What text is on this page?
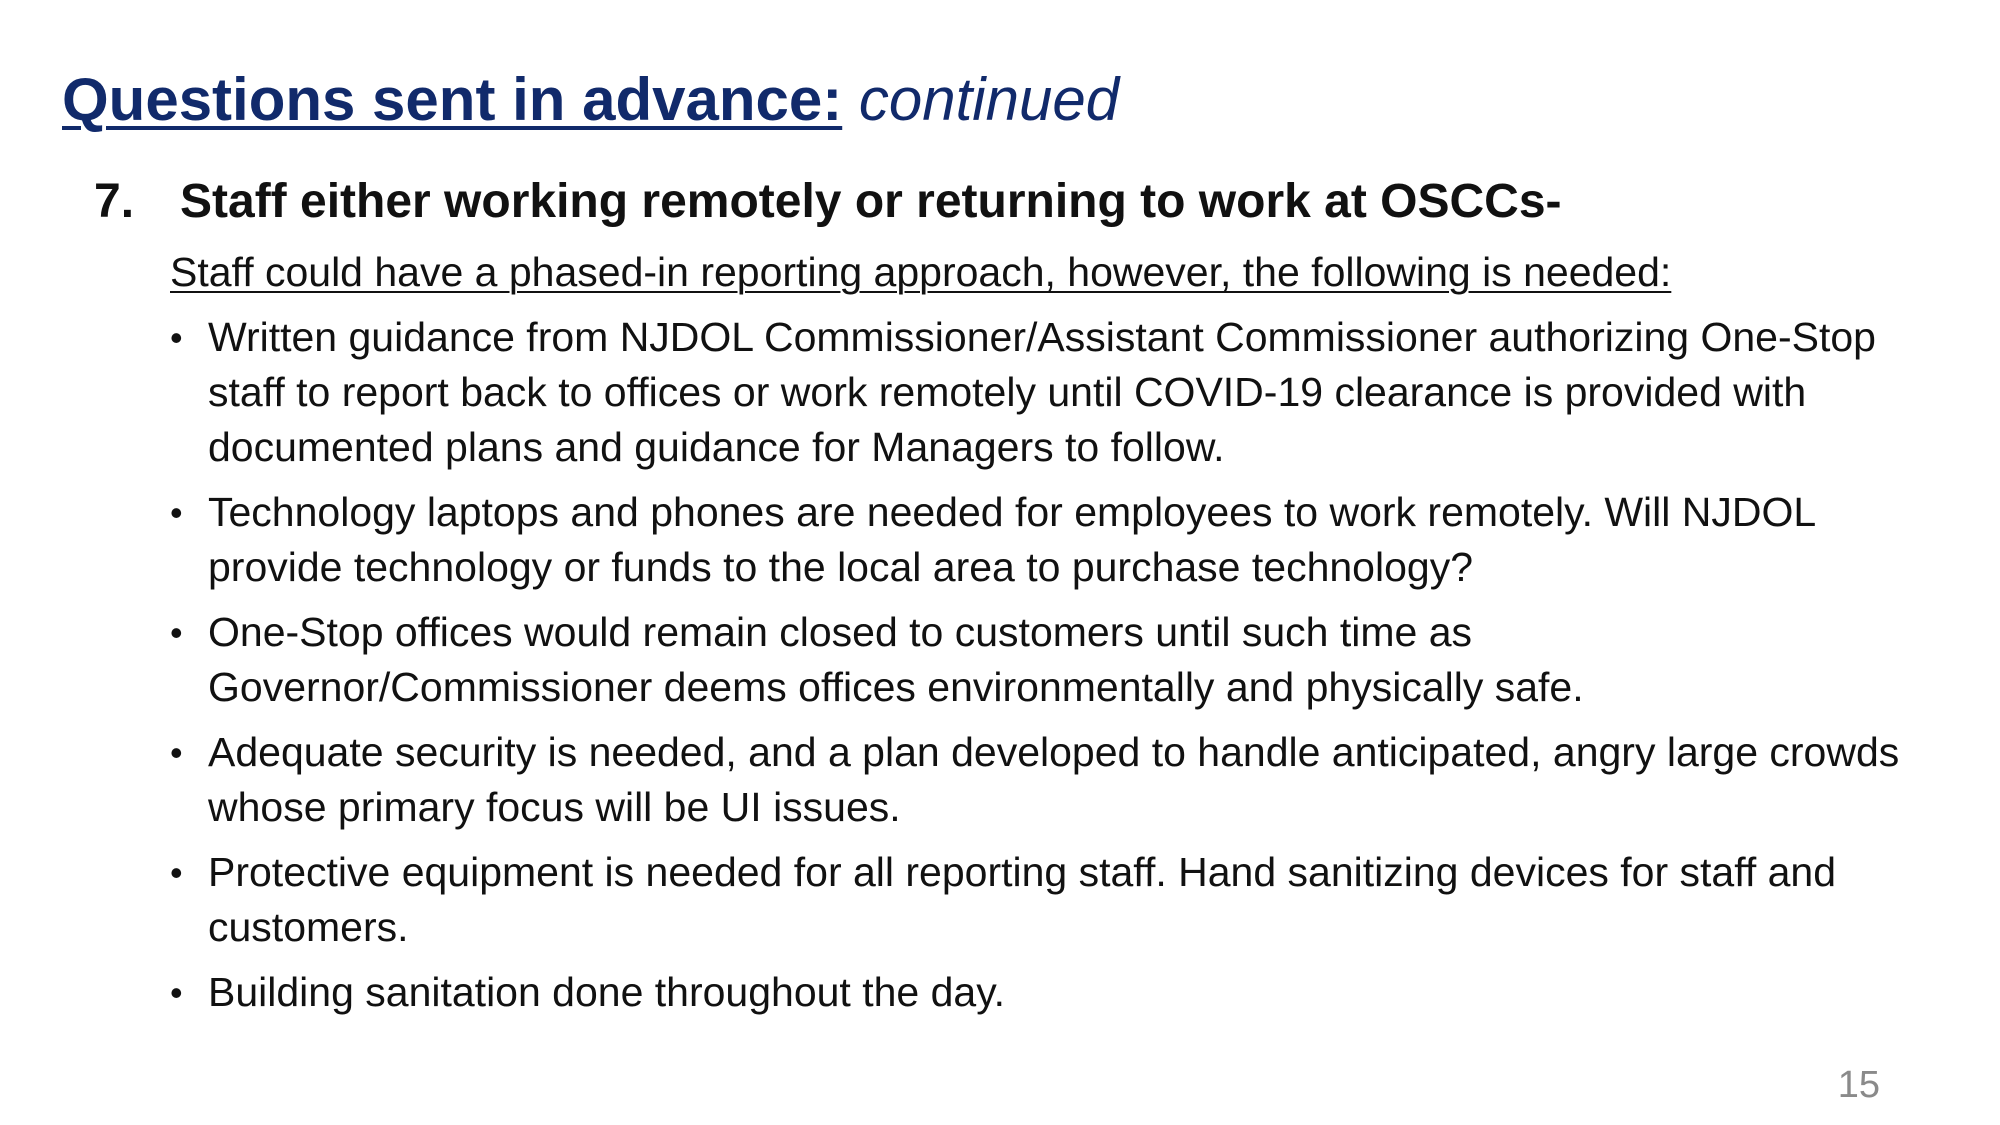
Questions sent in advance: continued
7. Staff either working remotely or returning to work at OSCCs-
Staff could have a phased-in reporting approach, however, the following is needed:
• Written guidance from NJDOL Commissioner/Assistant Commissioner authorizing One-Stop staff to report back to offices or work remotely until COVID-19 clearance is provided with documented plans and guidance for Managers to follow.
• Technology laptops and phones are needed for employees to work remotely. Will NJDOL provide technology or funds to the local area to purchase technology?
• One-Stop offices would remain closed to customers until such time as Governor/Commissioner deems offices environmentally and physically safe.
• Adequate security is needed, and a plan developed to handle anticipated, angry large crowds whose primary focus will be UI issues.
• Protective equipment is needed for all reporting staff. Hand sanitizing devices for staff and customers.
• Building sanitation done throughout the day.
15
